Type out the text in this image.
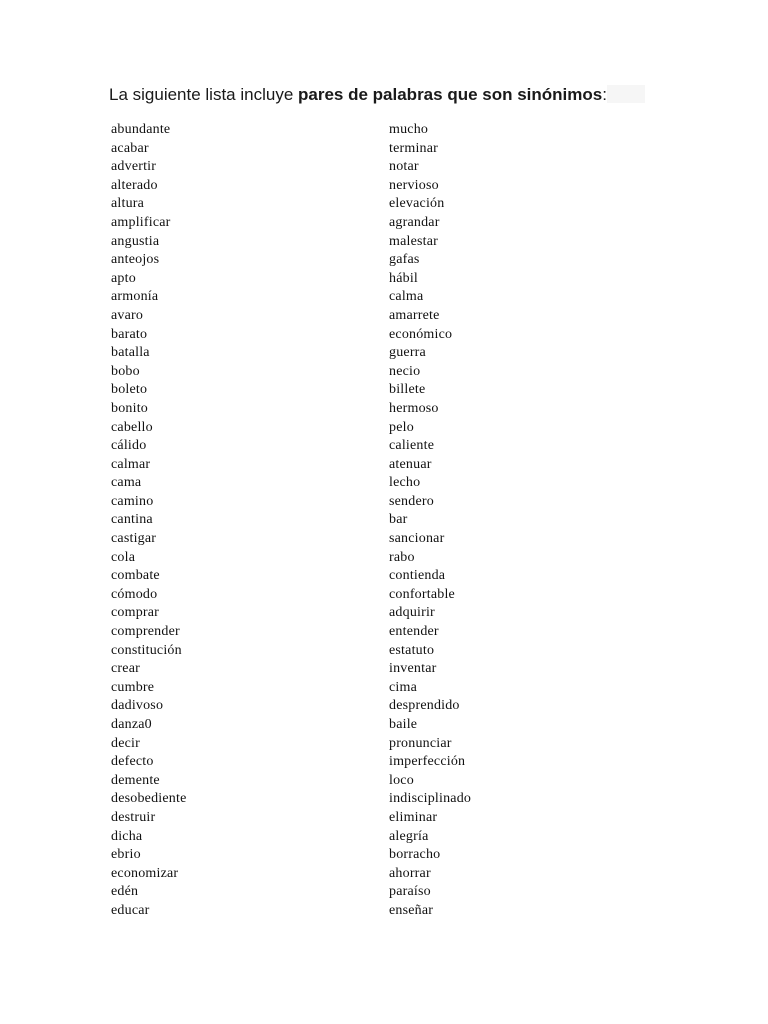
La siguiente lista incluye pares de palabras que son sinónimos:

abundante	mucho
acabar	terminar
advertir	notar
alterado	nervioso
altura	elevación
amplificar	agrandar
angustia	malestar
anteojos	gafas
apto	hábil
armonía	calma
avaro	amarrete
barato	económico
batalla	guerra
bobo	necio
boleto	billete
bonito	hermoso
cabello	pelo
cálido	caliente
calmar	atenuar
cama	lecho
camino	sendero
cantina	bar
castigar	sancionar
cola	rabo
combate	contienda
cómodo	confortable
comprar	adquirir
comprender	entender
constitución	estatuto
crear	inventar
cumbre	cima
dadivoso	desprendido
danza0	baile
decir	pronunciar
defecto	imperfección
demente	loco
desobediente	indisciplinado
destruir	eliminar
dicha	alegría
ebrio	borracho
economizar	ahorrar
edén	paraíso
educar	enseñar
